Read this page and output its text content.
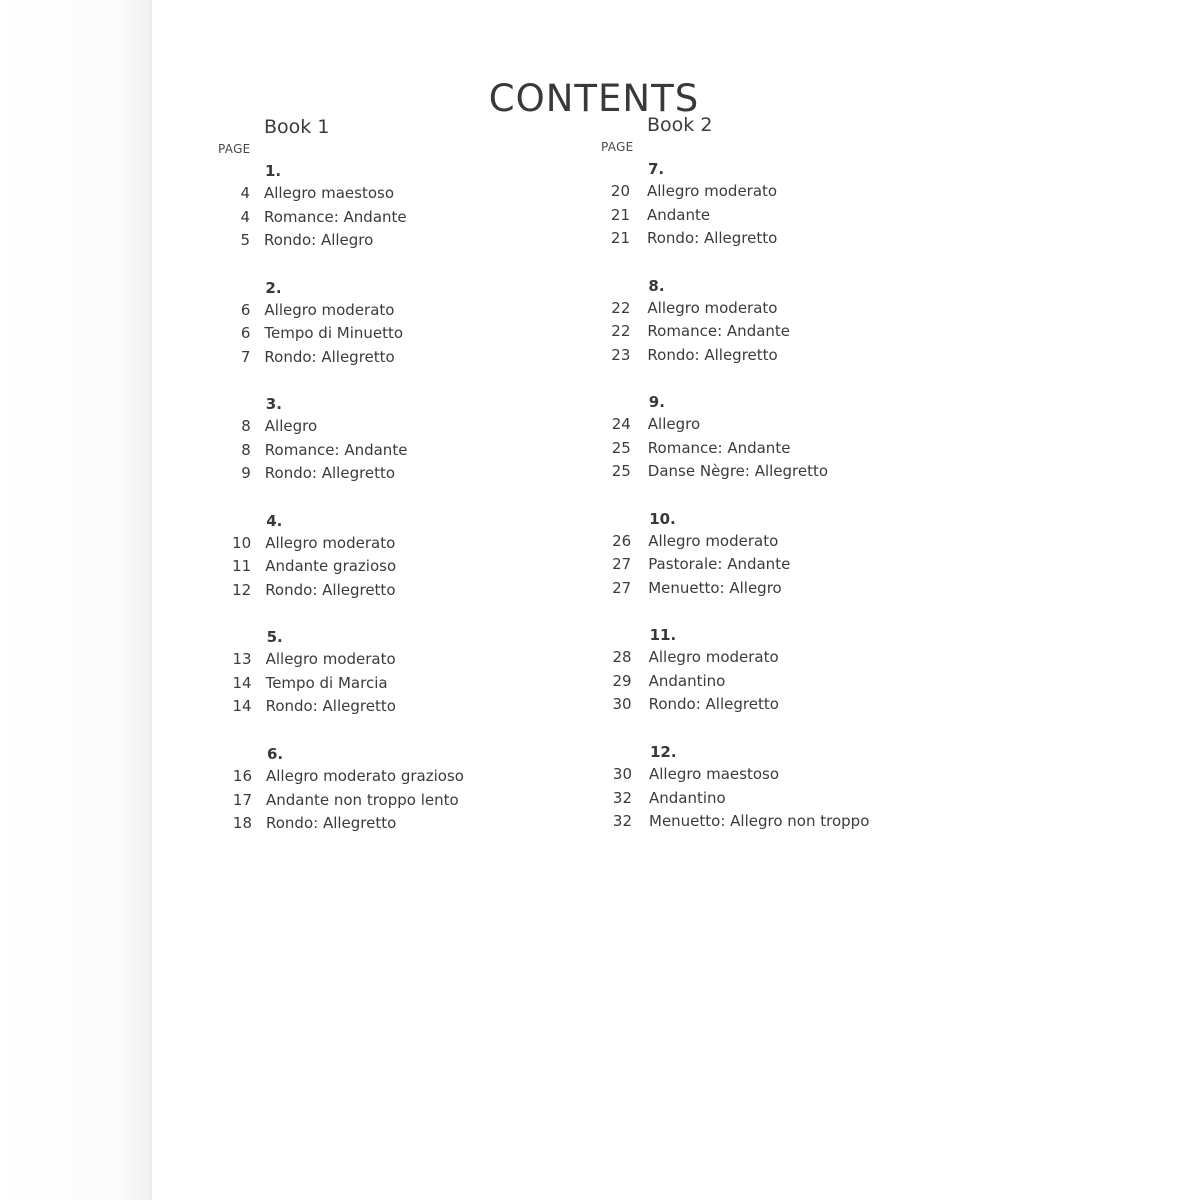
CONTENTS
Book 1
PAGE
1.
4 Allegro maestoso
4 Romance: Andante
5 Rondo: Allegro
2.
6 Allegro moderato
6 Tempo di Minuetto
7 Rondo: Allegretto
3.
8 Allegro
8 Romance: Andante
9 Rondo: Allegretto
4.
10 Allegro moderato
11 Andante grazioso
12 Rondo: Allegretto
5.
13 Allegro moderato
14 Tempo di Marcia
14 Rondo: Allegretto
6.
16 Allegro moderato grazioso
17 Andante non troppo lento
18 Rondo: Allegretto
Book 2
PAGE
7.
20 Allegro moderato
21 Andante
21 Rondo: Allegretto
8.
22 Allegro moderato
22 Romance: Andante
23 Rondo: Allegretto
9.
24 Allegro
25 Romance: Andante
25 Danse Nègre: Allegretto
10.
26 Allegro moderato
27 Pastorale: Andante
27 Menuetto: Allegro
11.
28 Allegro moderato
29 Andantino
30 Rondo: Allegretto
12.
30 Allegro maestoso
32 Andantino
32 Menuetto: Allegro non troppo
